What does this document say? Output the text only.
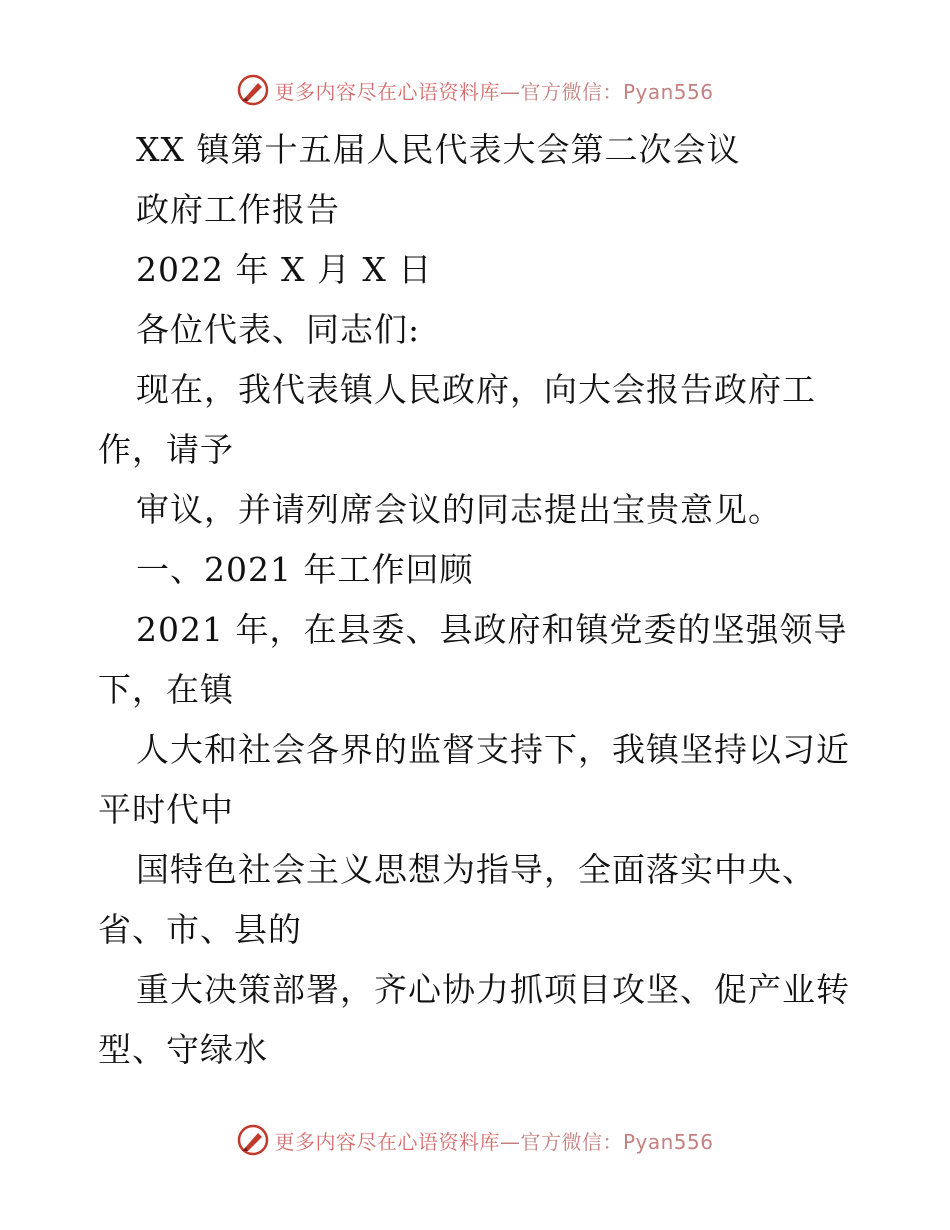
更多内容尽在心语资料库—官方微信：Pyan556
XX 镇第十五届人民代表大会第二次会议
政府工作报告
2022 年 X 月 X 日
各位代表、同志们:
现在，我代表镇人民政府，向大会报告政府工
作，请予
审议，并请列席会议的同志提出宝贵意见。
一、2021 年工作回顾
2021 年，在县委、县政府和镇党委的坚强领导
下，在镇
人大和社会各界的监督支持下，我镇坚持以习近
平时代中
国特色社会主义思想为指导，全面落实中央、
省、市、县的
重大决策部署，齐心协力抓项目攻坚、促产业转
型、守绿水
更多内容尽在心语资料库—官方微信：Pyan556
